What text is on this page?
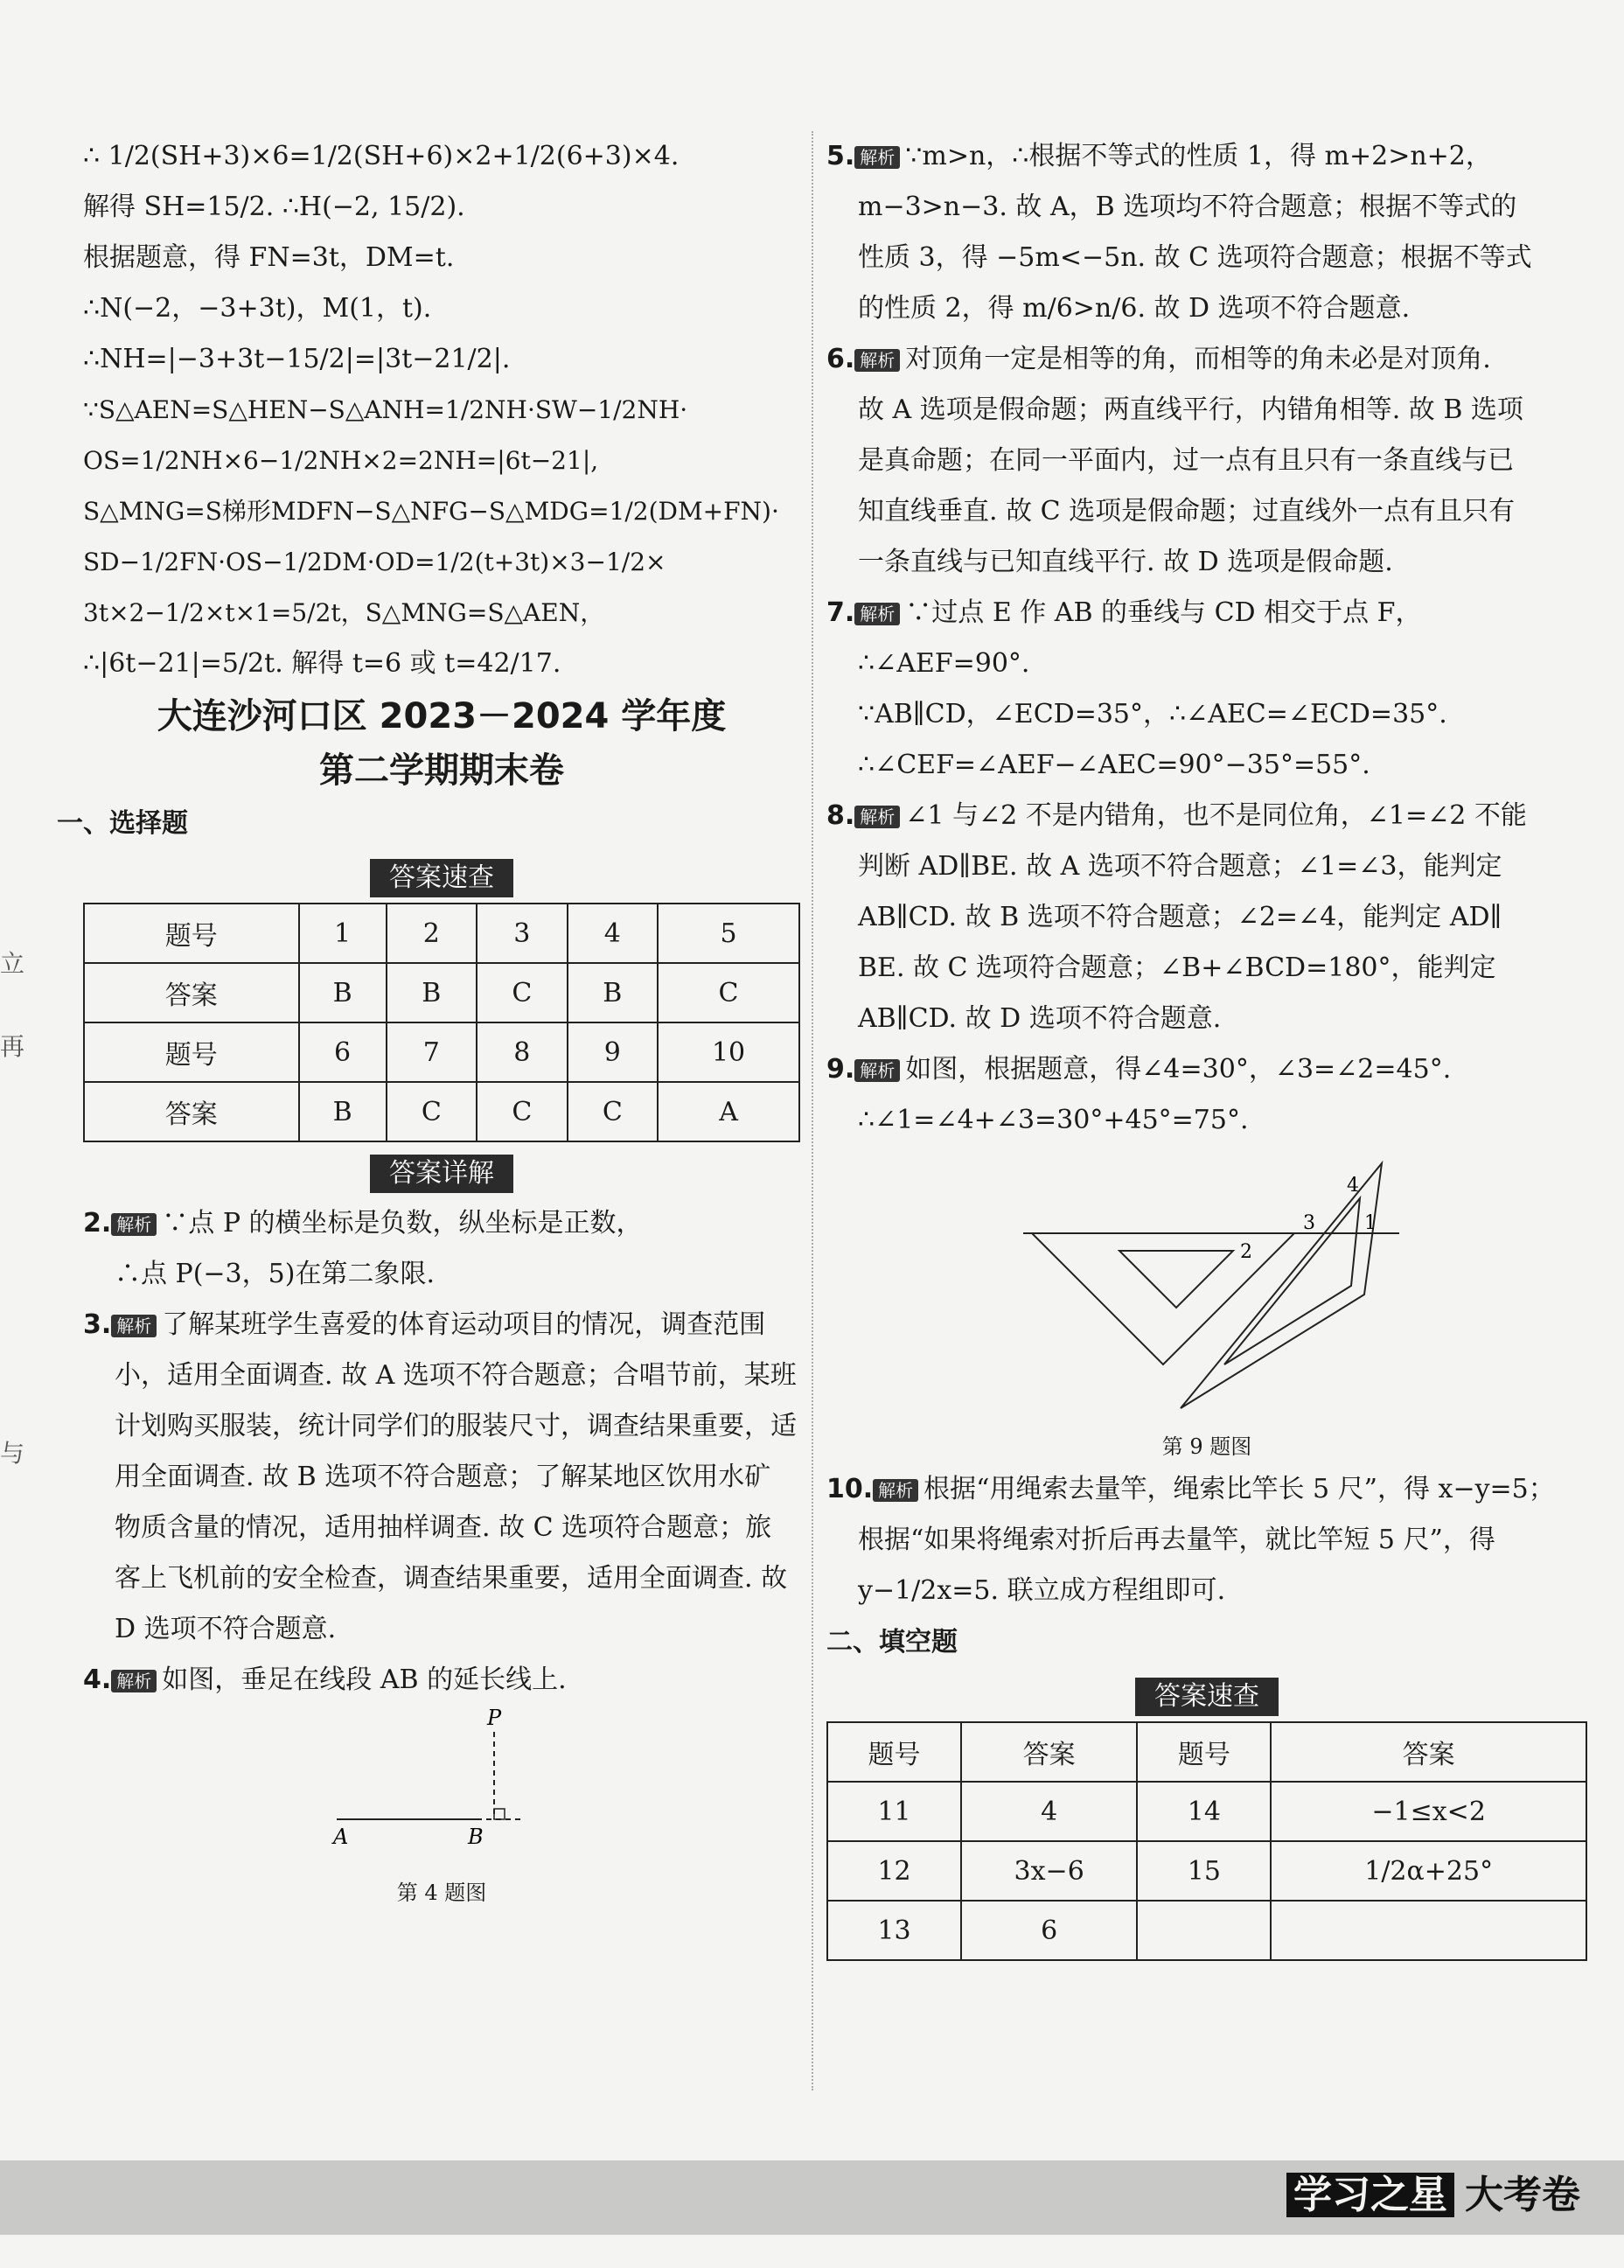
立
再
与
∴ 1/2(SH+3)×6=1/2(SH+6)×2+1/2(6+3)×4.
解得 SH=15/2. ∴H(−2, 15/2).
根据题意，得 FN=3t，DM=t.
∴N(−2，−3+3t)，M(1，t).
∴NH=|−3+3t−15/2|=|3t−21/2|.
∵S△AEN=S△HEN−S△ANH=1/2NH·SW−1/2NH·
OS=1/2NH×6−1/2NH×2=2NH=|6t−21|,
S△MNG=S梯形MDFN−S△NFG−S△MDG=1/2(DM+FN)·
SD−1/2FN·OS−1/2DM·OD=1/2(t+3t)×3−1/2×
3t×2−1/2×t×1=5/2t，S△MNG=S△AEN，
∴|6t−21|=5/2t. 解得 t=6 或 t=42/17.
大连沙河口区 2023－2024 学年度
第二学期期末卷
一、选择题
答案速查
题号	1	2	3	4	5
答案	B	B	C	B	C
题号	6	7	8	9	10
答案	B	C	C	C	A
答案详解
2. 解析 ∵点 P 的横坐标是负数，纵坐标是正数，
∴点 P(−3，5)在第二象限.
3. 解析 了解某班学生喜爱的体育运动项目的情况，调查范围
小，适用全面调查. 故 A 选项不符合题意；合唱节前，某班
计划购买服装，统计同学们的服装尺寸，调查结果重要，适
用全面调查. 故 B 选项不符合题意；了解某地区饮用水矿
物质含量的情况，适用抽样调查. 故 C 选项符合题意；旅
客上飞机前的安全检查，调查结果重要，适用全面调查. 故
D 选项不符合题意.
4. 解析 如图，垂足在线段 AB 的延长线上.
P
A	B
第 4 题图
5. 解析 ∵m>n，∴根据不等式的性质 1，得 m+2>n+2，
m−3>n−3. 故 A，B 选项均不符合题意；根据不等式的
性质 3，得 −5m<−5n. 故 C 选项符合题意；根据不等式
的性质 2，得 m/6>n/6. 故 D 选项不符合题意.
6. 解析 对顶角一定是相等的角，而相等的角未必是对顶角.
故 A 选项是假命题；两直线平行，内错角相等. 故 B 选项
是真命题；在同一平面内，过一点有且只有一条直线与已
知直线垂直. 故 C 选项是假命题；过直线外一点有且只有
一条直线与已知直线平行. 故 D 选项是假命题.
7. 解析 ∵过点 E 作 AB 的垂线与 CD 相交于点 F，
∴∠AEF=90°.
∵AB∥CD，∠ECD=35°，∴∠AEC=∠ECD=35°.
∴∠CEF=∠AEF−∠AEC=90°−35°=55°.
8. 解析 ∠1 与∠2 不是内错角，也不是同位角，∠1=∠2 不能
判断 AD∥BE. 故 A 选项不符合题意；∠1=∠3，能判定
AB∥CD. 故 B 选项不符合题意；∠2=∠4，能判定 AD∥
BE. 故 C 选项符合题意；∠B+∠BCD=180°，能判定
AB∥CD. 故 D 选项不符合题意.
9. 解析 如图，根据题意，得∠4=30°，∠3=∠2=45°.
∴∠1=∠4+∠3=30°+45°=75°.
1
2
3
4
第 9 题图
10. 解析 根据“用绳索去量竿，绳索比竿长 5 尺”，得 x−y=5；
根据“如果将绳索对折后再去量竿，就比竿短 5 尺”，得
y−1/2x=5. 联立成方程组即可.
二、填空题
答案速查
题号	答案	题号	答案
11	4	14	−1≤x<2
12	3x−6	15	1/2α+25°
13	6		
学习之星 大考卷
